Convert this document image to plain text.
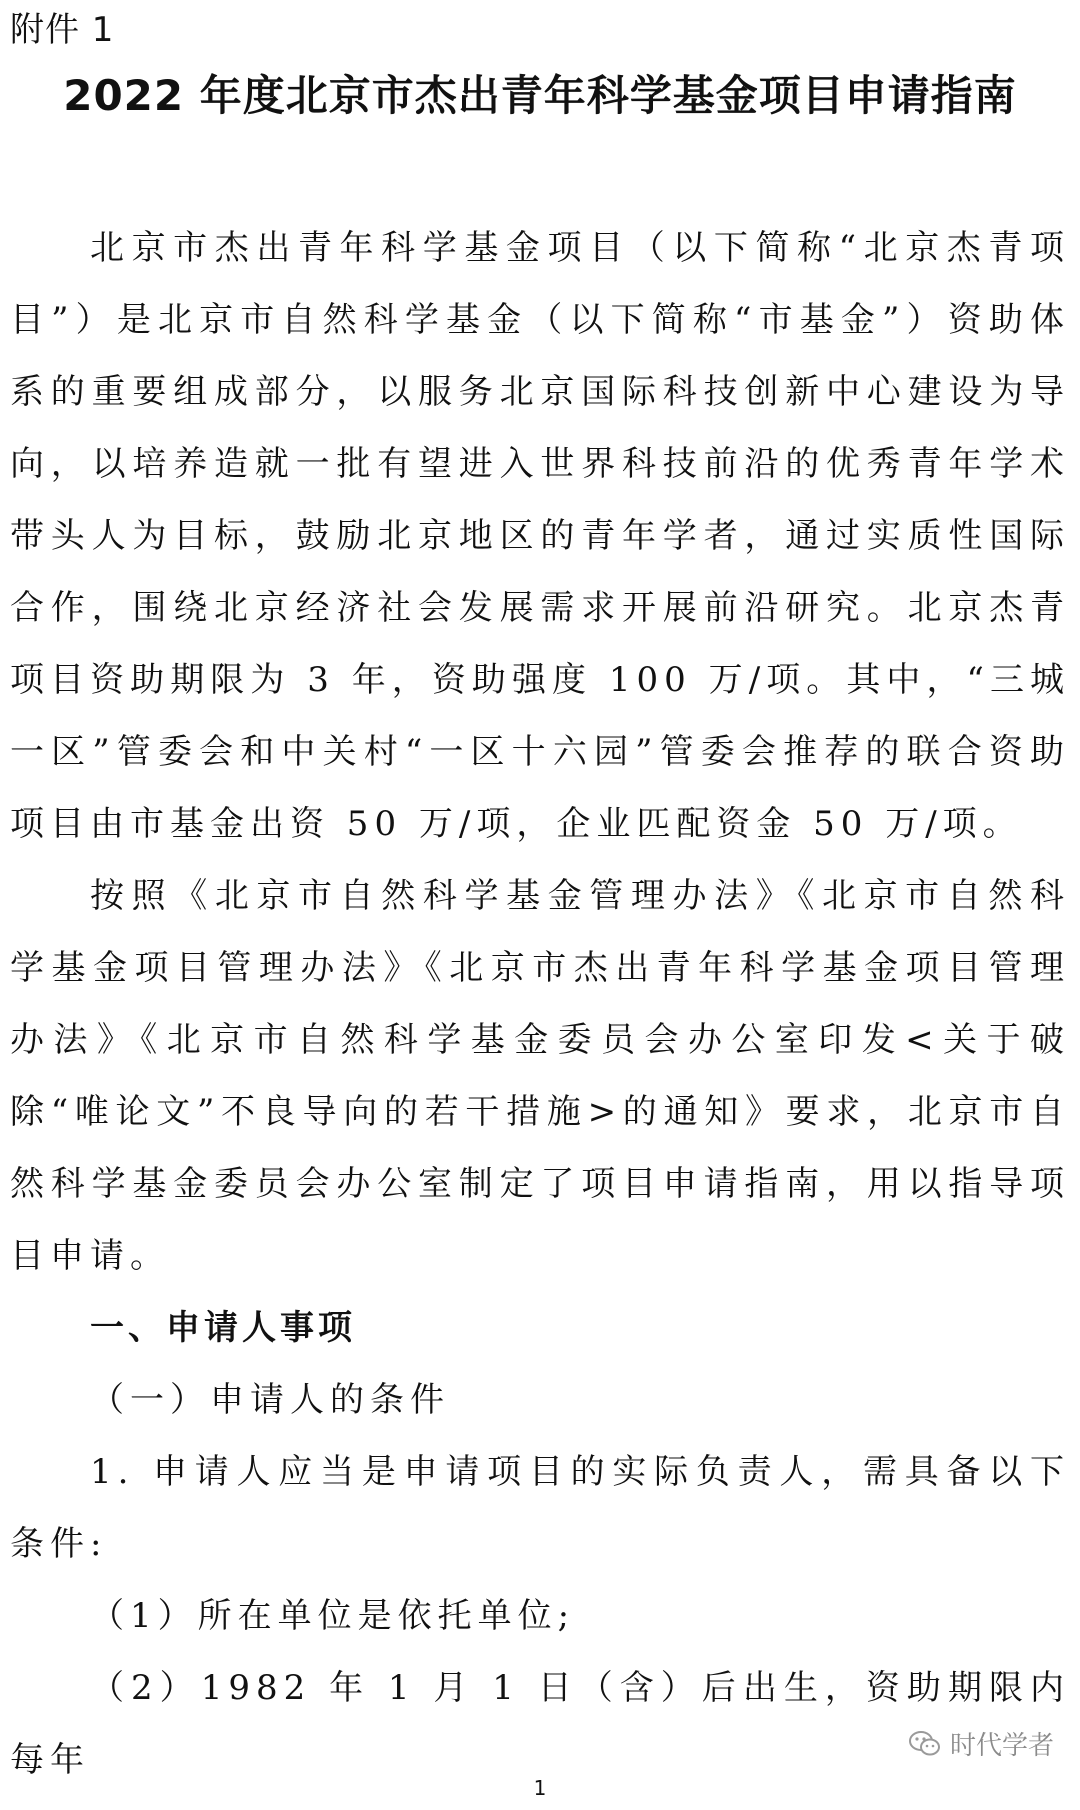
附件 1
2022 年度北京市杰出青年科学基金项目申请指南

北京市杰出青年科学基金项目（以下简称“北京杰青项目”）是北京市自然科学基金（以下简称“市基金”）资助体系的重要组成部分，以服务北京国际科技创新中心建设为导向，以培养造就一批有望进入世界科技前沿的优秀青年学术带头人为目标，鼓励北京地区的青年学者，通过实质性国际合作，围绕北京经济社会发展需求开展前沿研究。北京杰青项目资助期限为 3 年，资助强度 100 万/项。其中，“三城一区”管委会和中关村“一区十六园”管委会推荐的联合资助项目由市基金出资 50 万/项，企业匹配资金 50 万/项。

按照《北京市自然科学基金管理办法》《北京市自然科学基金项目管理办法》《北京市杰出青年科学基金项目管理办法》《北京市自然科学基金委员会办公室印发<关于破除“唯论文”不良导向的若干措施>的通知》要求，北京市自然科学基金委员会办公室制定了项目申请指南，用以指导项目申请。

一、申请人事项

（一）申请人的条件

1. 申请人应当是申请项目的实际负责人，需具备以下条件:

（1）所在单位是依托单位;

（2）1982 年 1 月 1 日（含）后出生，资助期限内每年	时代学者
1
